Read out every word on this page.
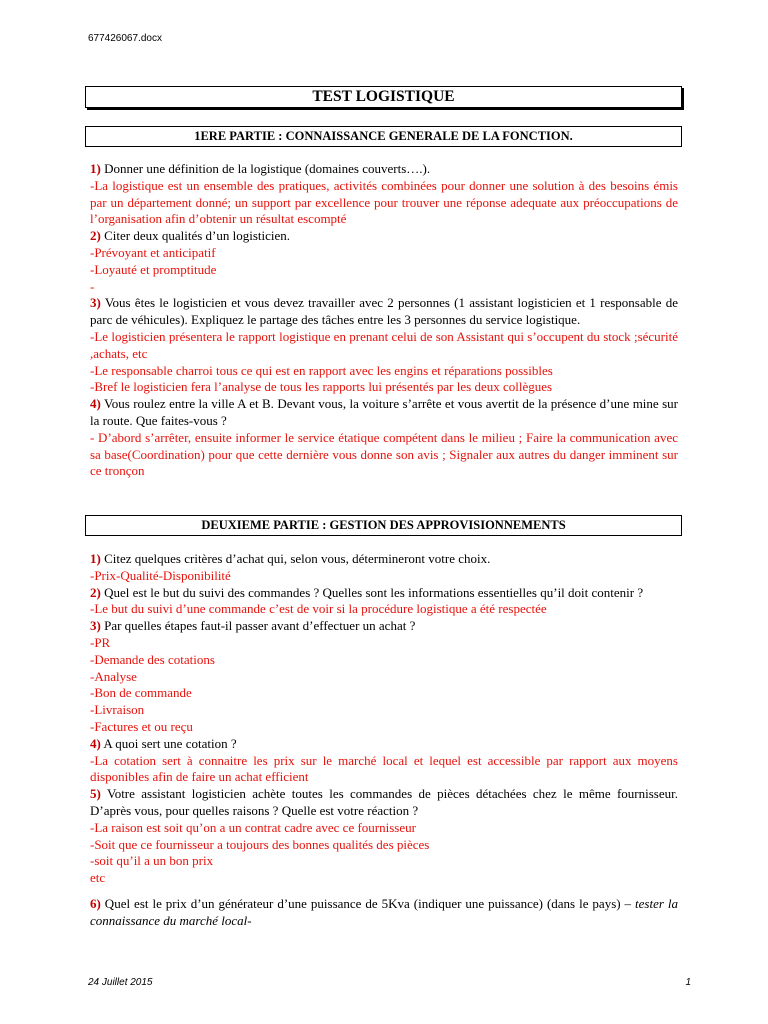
677426067.docx
TEST LOGISTIQUE
1ERE PARTIE : CONNAISSANCE GENERALE DE LA FONCTION.

1) Donner une définition de la logistique (domaines couverts….).

-La logistique est un ensemble des pratiques, activités combinées pour donner une solution à des besoins émis par un département donné; un support par excellence pour trouver une réponse adequate aux préoccupations de l’organisation afin d’obtenir un résultat escompté

2) Citer deux qualités d’un logisticien.

-Prévoyant et anticipatif

-Loyauté et promptitude

-

3) Vous êtes le logisticien et vous devez travailler avec 2 personnes (1 assistant logisticien et 1 responsable de parc de véhicules). Expliquez le partage des tâches entre les 3 personnes du service logistique.

-Le logisticien présentera le rapport logistique en prenant celui de son Assistant qui s’occupent du stock ;sécurité ,achats, etc

-Le responsable charroi tous ce qui est en rapport avec les engins et réparations possibles

-Bref le logisticien fera l’analyse de tous les rapports lui présentés par les deux collègues

4) Vous roulez entre la ville A et B. Devant vous, la voiture s’arrête et vous avertit de la présence d’une mine sur la route. Que faites-vous ?

- D’abord s’arrêter, ensuite informer le service étatique compétent dans le milieu ; Faire la communication avec sa base(Coordination) pour que cette dernière vous donne son avis ; Signaler aux autres du danger imminent sur ce tronçon

DEUXIEME PARTIE : GESTION DES APPROVISIONNEMENTS

1) Citez quelques critères d’achat qui, selon vous, détermineront votre choix.

-Prix-Qualité-Disponibilité

2) Quel est le but du suivi des commandes ? Quelles sont les informations essentielles qu’il doit contenir ?

-Le but du suivi d’une commande c’est de voir si la procédure logistique a été respectée

3) Par quelles étapes faut-il passer avant d’effectuer un achat ?

-PR

-Demande des cotations

-Analyse

-Bon de commande

-Livraison

-Factures et ou reçu

4) A quoi sert une cotation ?

-La cotation sert à connaitre les prix sur le marché local et lequel est accessible par rapport aux moyens disponibles afin de faire un achat efficient

5) Votre assistant logisticien achète toutes les commandes de pièces détachées chez le même fournisseur. D’après vous, pour quelles raisons ? Quelle est votre réaction ?

-La raison est soit qu’on a un contrat cadre avec ce fournisseur

-Soit que ce fournisseur a toujours des bonnes qualités des pièces

-soit qu’il a un bon prix

etc

6) Quel est le prix d’un générateur d’une puissance de 5Kva (indiquer une puissance) (dans le pays) – tester la connaissance du marché local-

24 Juillet 2015	1
